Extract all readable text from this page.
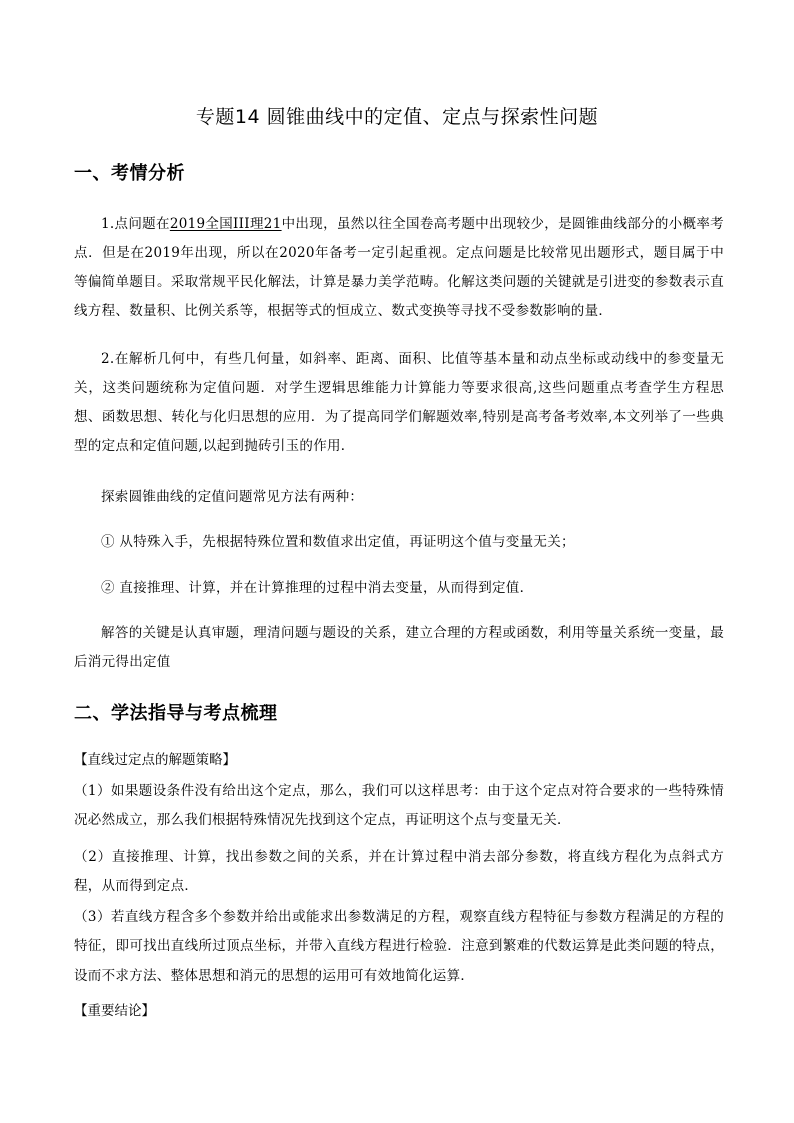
专题14 圆锥曲线中的定值、定点与探索性问题
一、考情分析
1.点问题在2019全国III理21中出现，虽然以往全国卷高考题中出现较少，是圆锥曲线部分的小概率考点．但是在2019年出现，所以在2020年备考一定引起重视。定点问题是比较常见出题形式，题目属于中等偏简单题目。采取常规平民化解法，计算是暴力美学范畴。化解这类问题的关键就是引进变的参数表示直线方程、数量积、比例关系等，根据等式的恒成立、数式变换等寻找不受参数影响的量．
2.在解析几何中，有些几何量，如斜率、距离、面积、比值等基本量和动点坐标或动线中的参变量无关，这类问题统称为定值问题．对学生逻辑思维能力计算能力等要求很高,这些问题重点考查学生方程思想、函数思想、转化与化归思想的应用．为了提高同学们解题效率,特别是高考备考效率,本文列举了一些典型的定点和定值问题,以起到抛砖引玉的作用．
探索圆锥曲线的定值问题常见方法有两种：
① 从特殊入手，先根据特殊位置和数值求出定值，再证明这个值与变量无关；
② 直接推理、计算，并在计算推理的过程中消去变量，从而得到定值．
解答的关键是认真审题，理清问题与题设的关系，建立合理的方程或函数，利用等量关系统一变量，最后消元得出定值
二、学法指导与考点梳理
【直线过定点的解题策略】
（1）如果题设条件没有给出这个定点，那么，我们可以这样思考：由于这个定点对符合要求的一些特殊情况必然成立，那么我们根据特殊情况先找到这个定点，再证明这个点与变量无关．
（2）直接推理、计算，找出参数之间的关系，并在计算过程中消去部分参数，将直线方程化为点斜式方程，从而得到定点．
（3）若直线方程含多个参数并给出或能求出参数满足的方程，观察直线方程特征与参数方程满足的方程的特征，即可找出直线所过顶点坐标，并带入直线方程进行检验．注意到繁难的代数运算是此类问题的特点，设而不求方法、整体思想和消元的思想的运用可有效地简化运算．
【重要结论】
